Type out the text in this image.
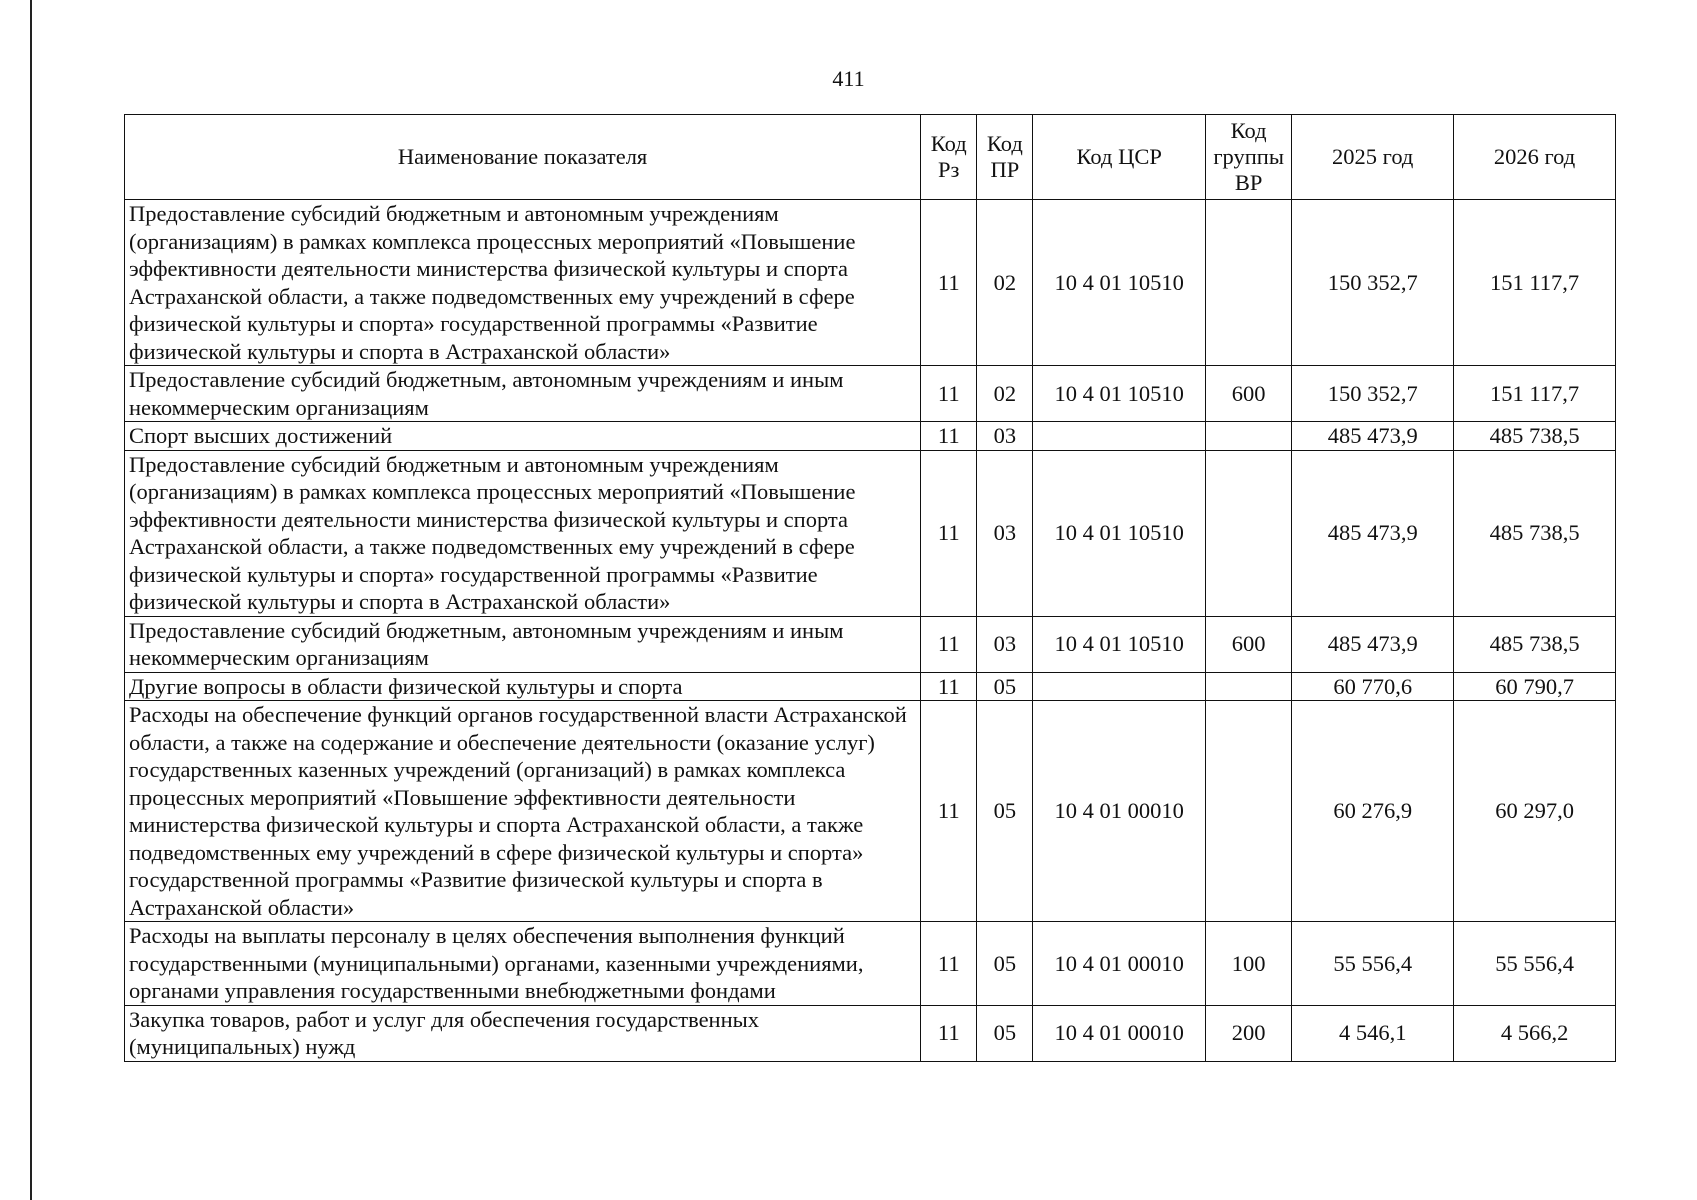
411
Наименование показателя	Код Рз	Код ПР	Код ЦСР	Код группы ВР	2025 год	2026 год
Предоставление субсидий бюджетным и автономным учреждениям (организациям) в рамках комплекса процессных мероприятий «Повышение эффективности деятельности министерства физической культуры и спорта Астраханской области, а также подведомственных ему учреждений в сфере физической культуры и спорта» государственной программы «Развитие физической культуры и спорта в Астраханской области»	11	02	10 4 01 10510		150 352,7	151 117,7
Предоставление субсидий бюджетным, автономным учреждениям и иным некоммерческим организациям	11	02	10 4 01 10510	600	150 352,7	151 117,7
Спорт высших достижений	11	03			485 473,9	485 738,5
Предоставление субсидий бюджетным и автономным учреждениям (организациям) в рамках комплекса процессных мероприятий «Повышение эффективности деятельности министерства физической культуры и спорта Астраханской области, а также подведомственных ему учреждений в сфере физической культуры и спорта» государственной программы «Развитие физической культуры и спорта в Астраханской области»	11	03	10 4 01 10510		485 473,9	485 738,5
Предоставление субсидий бюджетным, автономным учреждениям и иным некоммерческим организациям	11	03	10 4 01 10510	600	485 473,9	485 738,5
Другие вопросы в области физической культуры и спорта	11	05			60 770,6	60 790,7
Расходы на обеспечение функций органов государственной власти Астраханской области, а также на содержание и обеспечение деятельности (оказание услуг) государственных казенных учреждений (организаций) в рамках комплекса процессных мероприятий «Повышение эффективности деятельности министерства физической культуры и спорта Астраханской области, а также подведомственных ему учреждений в сфере физической культуры и спорта» государственной программы «Развитие физической культуры и спорта в Астраханской области»	11	05	10 4 01 00010		60 276,9	60 297,0
Расходы на выплаты персоналу в целях обеспечения выполнения функций государственными (муниципальными) органами, казенными учреждениями, органами управления государственными внебюджетными фондами	11	05	10 4 01 00010	100	55 556,4	55 556,4
Закупка товаров, работ и услуг для обеспечения государственных (муниципальных) нужд	11	05	10 4 01 00010	200	4 546,1	4 566,2
